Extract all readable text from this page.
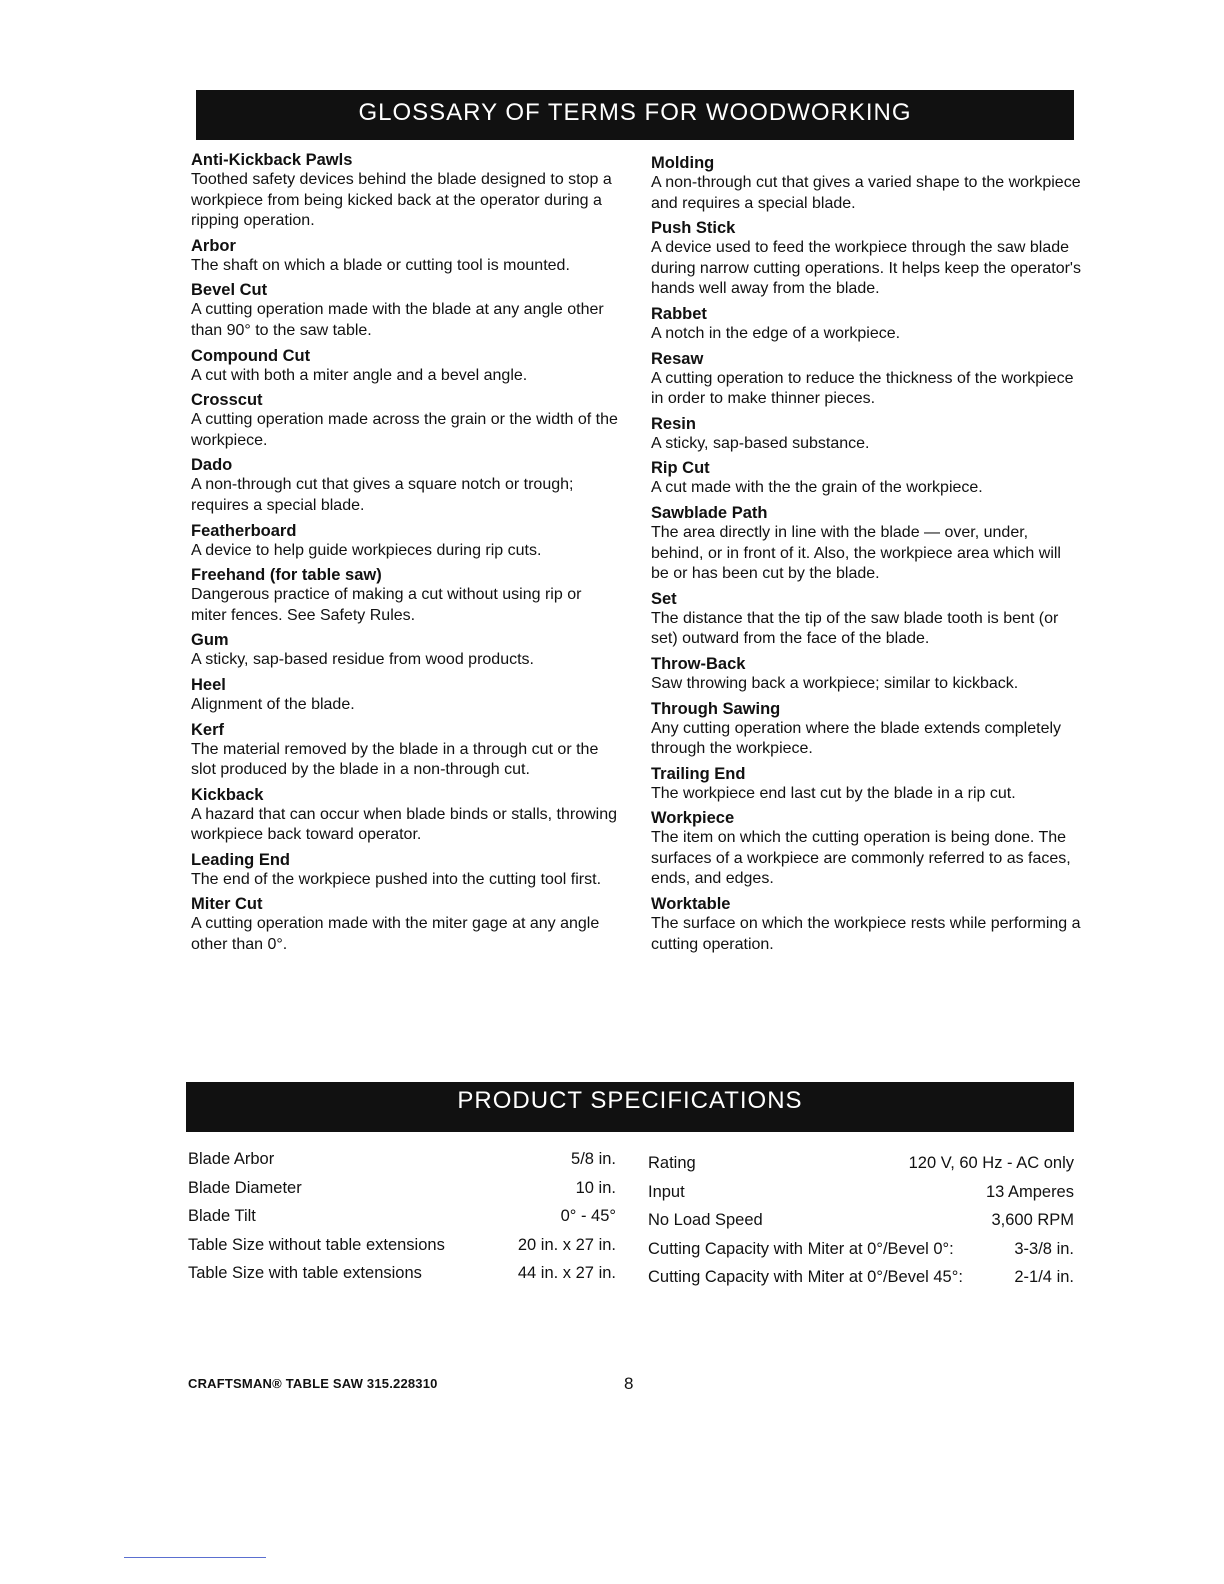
GLOSSARY OF TERMS FOR WOODWORKING
Anti-Kickback Pawls
Toothed safety devices behind the blade designed to stop a workpiece from being kicked back at the operator during a ripping operation.
Arbor
The shaft on which a blade or cutting tool is mounted.
Bevel Cut
A cutting operation made with the blade at any angle other than 90° to the saw table.
Compound Cut
A cut with both a miter angle and a bevel angle.
Crosscut
A cutting operation made across the grain or the width of the workpiece.
Dado
A non-through cut that gives a square notch or trough; requires a special blade.
Featherboard
A device to help guide workpieces during rip cuts.
Freehand (for table saw)
Dangerous practice of making a cut without using rip or miter fences. See Safety Rules.
Gum
A sticky, sap-based residue from wood products.
Heel
Alignment of the blade.
Kerf
The material removed by the blade in a through cut or the slot produced by the blade in a non-through cut.
Kickback
A hazard that can occur when blade binds or stalls, throwing workpiece back toward operator.
Leading End
The end of the workpiece pushed into the cutting tool first.
Miter Cut
A cutting operation made with the miter gage at any angle other than 0°.
Molding
A non-through cut that gives a varied shape to the workpiece and requires a special blade.
Push Stick
A device used to feed the workpiece through the saw blade during narrow cutting operations. It helps keep the operator's hands well away from the blade.
Rabbet
A notch in the edge of a workpiece.
Resaw
A cutting operation to reduce the thickness of the workpiece in order to make thinner pieces.
Resin
A sticky, sap-based substance.
Rip Cut
A cut made with the the grain of the workpiece.
Sawblade Path
The area directly in line with the blade — over, under, behind, or in front of it. Also, the workpiece area which will be or has been cut by the blade.
Set
The distance that the tip of the saw blade tooth is bent (or set) outward from the face of the blade.
Throw-Back
Saw throwing back a workpiece; similar to kickback.
Through Sawing
Any cutting operation where the blade extends completely through the workpiece.
Trailing End
The workpiece end last cut by the blade in a rip cut.
Workpiece
The item on which the cutting operation is being done. The surfaces of a workpiece are commonly referred to as faces, ends, and edges.
Worktable
The surface on which the workpiece rests while performing a cutting operation.
PRODUCT SPECIFICATIONS
Blade Arbor	5/8 in.
Blade Diameter	10 in.
Blade Tilt	0° - 45°
Table Size without table extensions	20 in. x 27 in.
Table Size with table extensions	44 in. x 27 in.
Rating	120 V, 60 Hz - AC only
Input	13 Amperes
No Load Speed	3,600 RPM
Cutting Capacity with Miter at 0°/Bevel 0°:	3-3/8 in.
Cutting Capacity with Miter at 0°/Bevel 45°:	2-1/4 in.
CRAFTSMAN® TABLE SAW 315.228310	8
